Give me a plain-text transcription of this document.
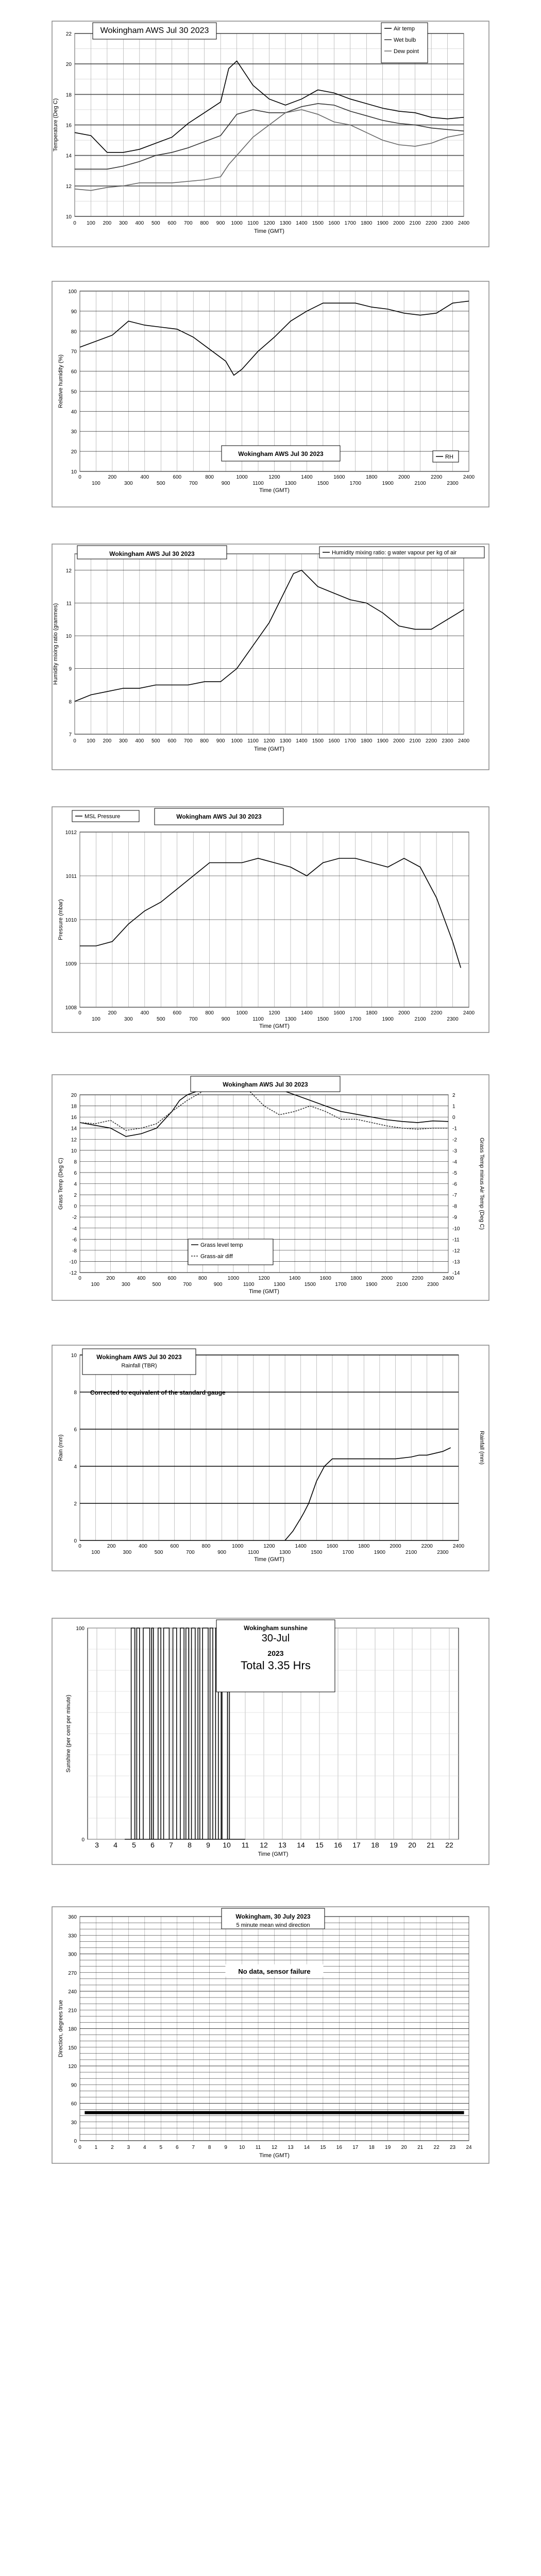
0 100 200 300 400 500 600 700 800 900 1000 1100 1200 1300 1400 1500 1600 1700 1800 1900 2000 2100 2200 2300 2400
10
12
14
16
18
20
22
Time (GMT)
Temperature (Deg C)
Wokingham AWS Jul 30 2023	Air temp
Wet bulb
Dew point
0	200	400	600	800	1000	1200	1400	1600	1800	2000	2200	2400
100	300	500	700	900	1100	1300	1500	1700	1900	2100	2300
10
20
30
40
50
60
70
80
90
100
Time (GMT)
Relative humidity (%)
Wokingham AWS Jul 30 2023	RH
0 100 200 300 400 500 600 700 800 900 1000 1100 1200 1300 1400 1500 1600 1700 1800 1900 2000 2100 2200 2300 2400
7
8
9
10
11
12
Time (GMT)
Humidity mixing ratio (grammes)
Wokingham AWS Jul 30 2023	Humidity mixing ratio: g water vapour per kg of air
0	200	400	600	800	1000	1200	1400	1600	1800	2000	2200	2400
100	300	500	700	900	1100	1300	1500	1700	1900	2100	2300
1008
1009
1010
1011
1012
Time (GMT)
Pressure (mbar)
Wokingham AWS Jul 30 2023
MSL Pressure
0	200	400	600	800	1000	1200	1400	1600	1800	2000	2200	2400
100	300	500	700	900	1100	1300	1500	1700	1900	2100	2300
-12
-10
-8
-6
-4
-2
0
2
4
6
8
10
12
14
16
18
20
-14
-13
-12
-11
-10
-9
-8
-7
-6
-5
-4
-3
-2
-1
0
1
2
Time (GMT)
Grass Temp (Deg C)	Grass Temp minus Air Temp (Deg C)
Wokingham AWS Jul 30 2023
Grass level temp
Grass-air diff
0	200	400	600	800	1000	1200	1400	1600	1800	2000	2200	2400
100	300	500	700	900	1100	1300	1500	1700	1900	2100	2300
0
2
4
6
8
10
Time (GMT)
Rain (mm)	Rainfall (mm)
Wokingham AWS Jul 30 2023
Rainfall (TBR)
Corrected to equivalent of the standard gauge
3 4 5 6 7 8 9 10 11 12 13 14 15 16 17 18 19 20 21 22
0
100
Time (GMT)
Sunshine (per cent per minute)
Wokingham sunshine
30-Jul
2023
Total 3.35 Hrs
0	1	2	3	4	5	6	7	8	9 10 11 12 13 14 15 16 17 18 19 20 21 22 23 24
0
30
60
90
120
150
180
210
240
270
300
330
360
Time (GMT)
Direction, degrees true
Wokingham, 30 July 2023
5 minute mean wind direction
No data, sensor failure
